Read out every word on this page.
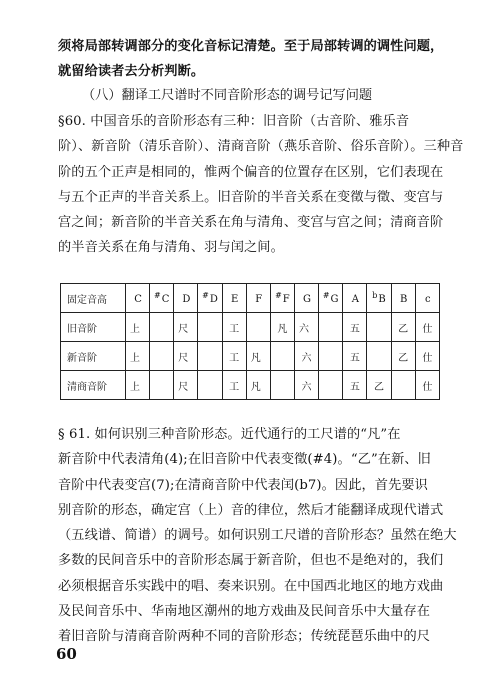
须将局部转调部分的变化音标记清楚。至于局部转调的调性问题，
就留给读者去分析判断。
（八）翻译工尺谱时不同音阶形态的调号记写问题
§60. 中国音乐的音阶形态有三种：旧音阶（古音阶、雅乐音
阶）、新音阶（清乐音阶）、清商音阶（燕乐音阶、俗乐音阶）。三种音
阶的五个正声是相同的，惟两个偏音的位置存在区别，它们表现在
与五个正声的半音关系上。旧音阶的半音关系在变徵与徵、变宫与
宫之间；新音阶的半音关系在角与清角、变宫与宫之间；清商音阶
的半音关系在角与清角、羽与闰之间。
固定音高	C	#C	D	#D	E	F	#F	G	#G	A	$^b$B	B	c
旧音阶	上		尺		工		凡	六		五		乙	仕
新音阶	上		尺		工	凡		六		五		乙	仕
清商音阶	上		尺		工	凡		六		五	乙		仕
§ 61. 如何识别三种音阶形态。近代通行的工尺谱的“凡”在
新音阶中代表清角(4);在旧音阶中代表变徵(#4)。“乙”在新、旧
音阶中代表变宫(7);在清商音阶中代表闰(b7)。因此，首先要识
别音阶的形态，确定宫（上）音的律位，然后才能翻译成现代谱式
（五线谱、简谱）的调号。如何识别工尺谱的音阶形态？虽然在绝大
多数的民间音乐中的音阶形态属于新音阶，但也不是绝对的，我们
必须根据音乐实践中的唱、奏来识别。在中国西北地区的地方戏曲
及民间音乐中、华南地区潮州的地方戏曲及民间音乐中大量存在
着旧音阶与清商音阶两种不同的音阶形态；传统琵琶乐曲中的尺
60
